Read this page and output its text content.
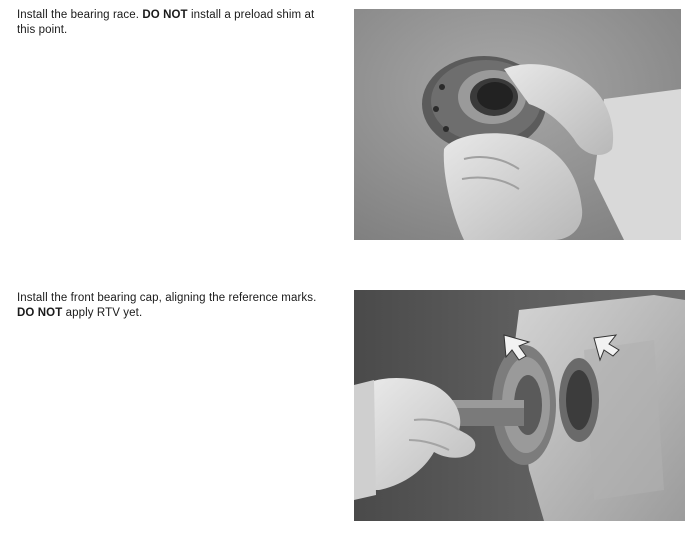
Install the bearing race. DO NOT install a preload shim at this point.
Install the front bearing cap, aligning the reference marks. DO NOT apply RTV yet.
